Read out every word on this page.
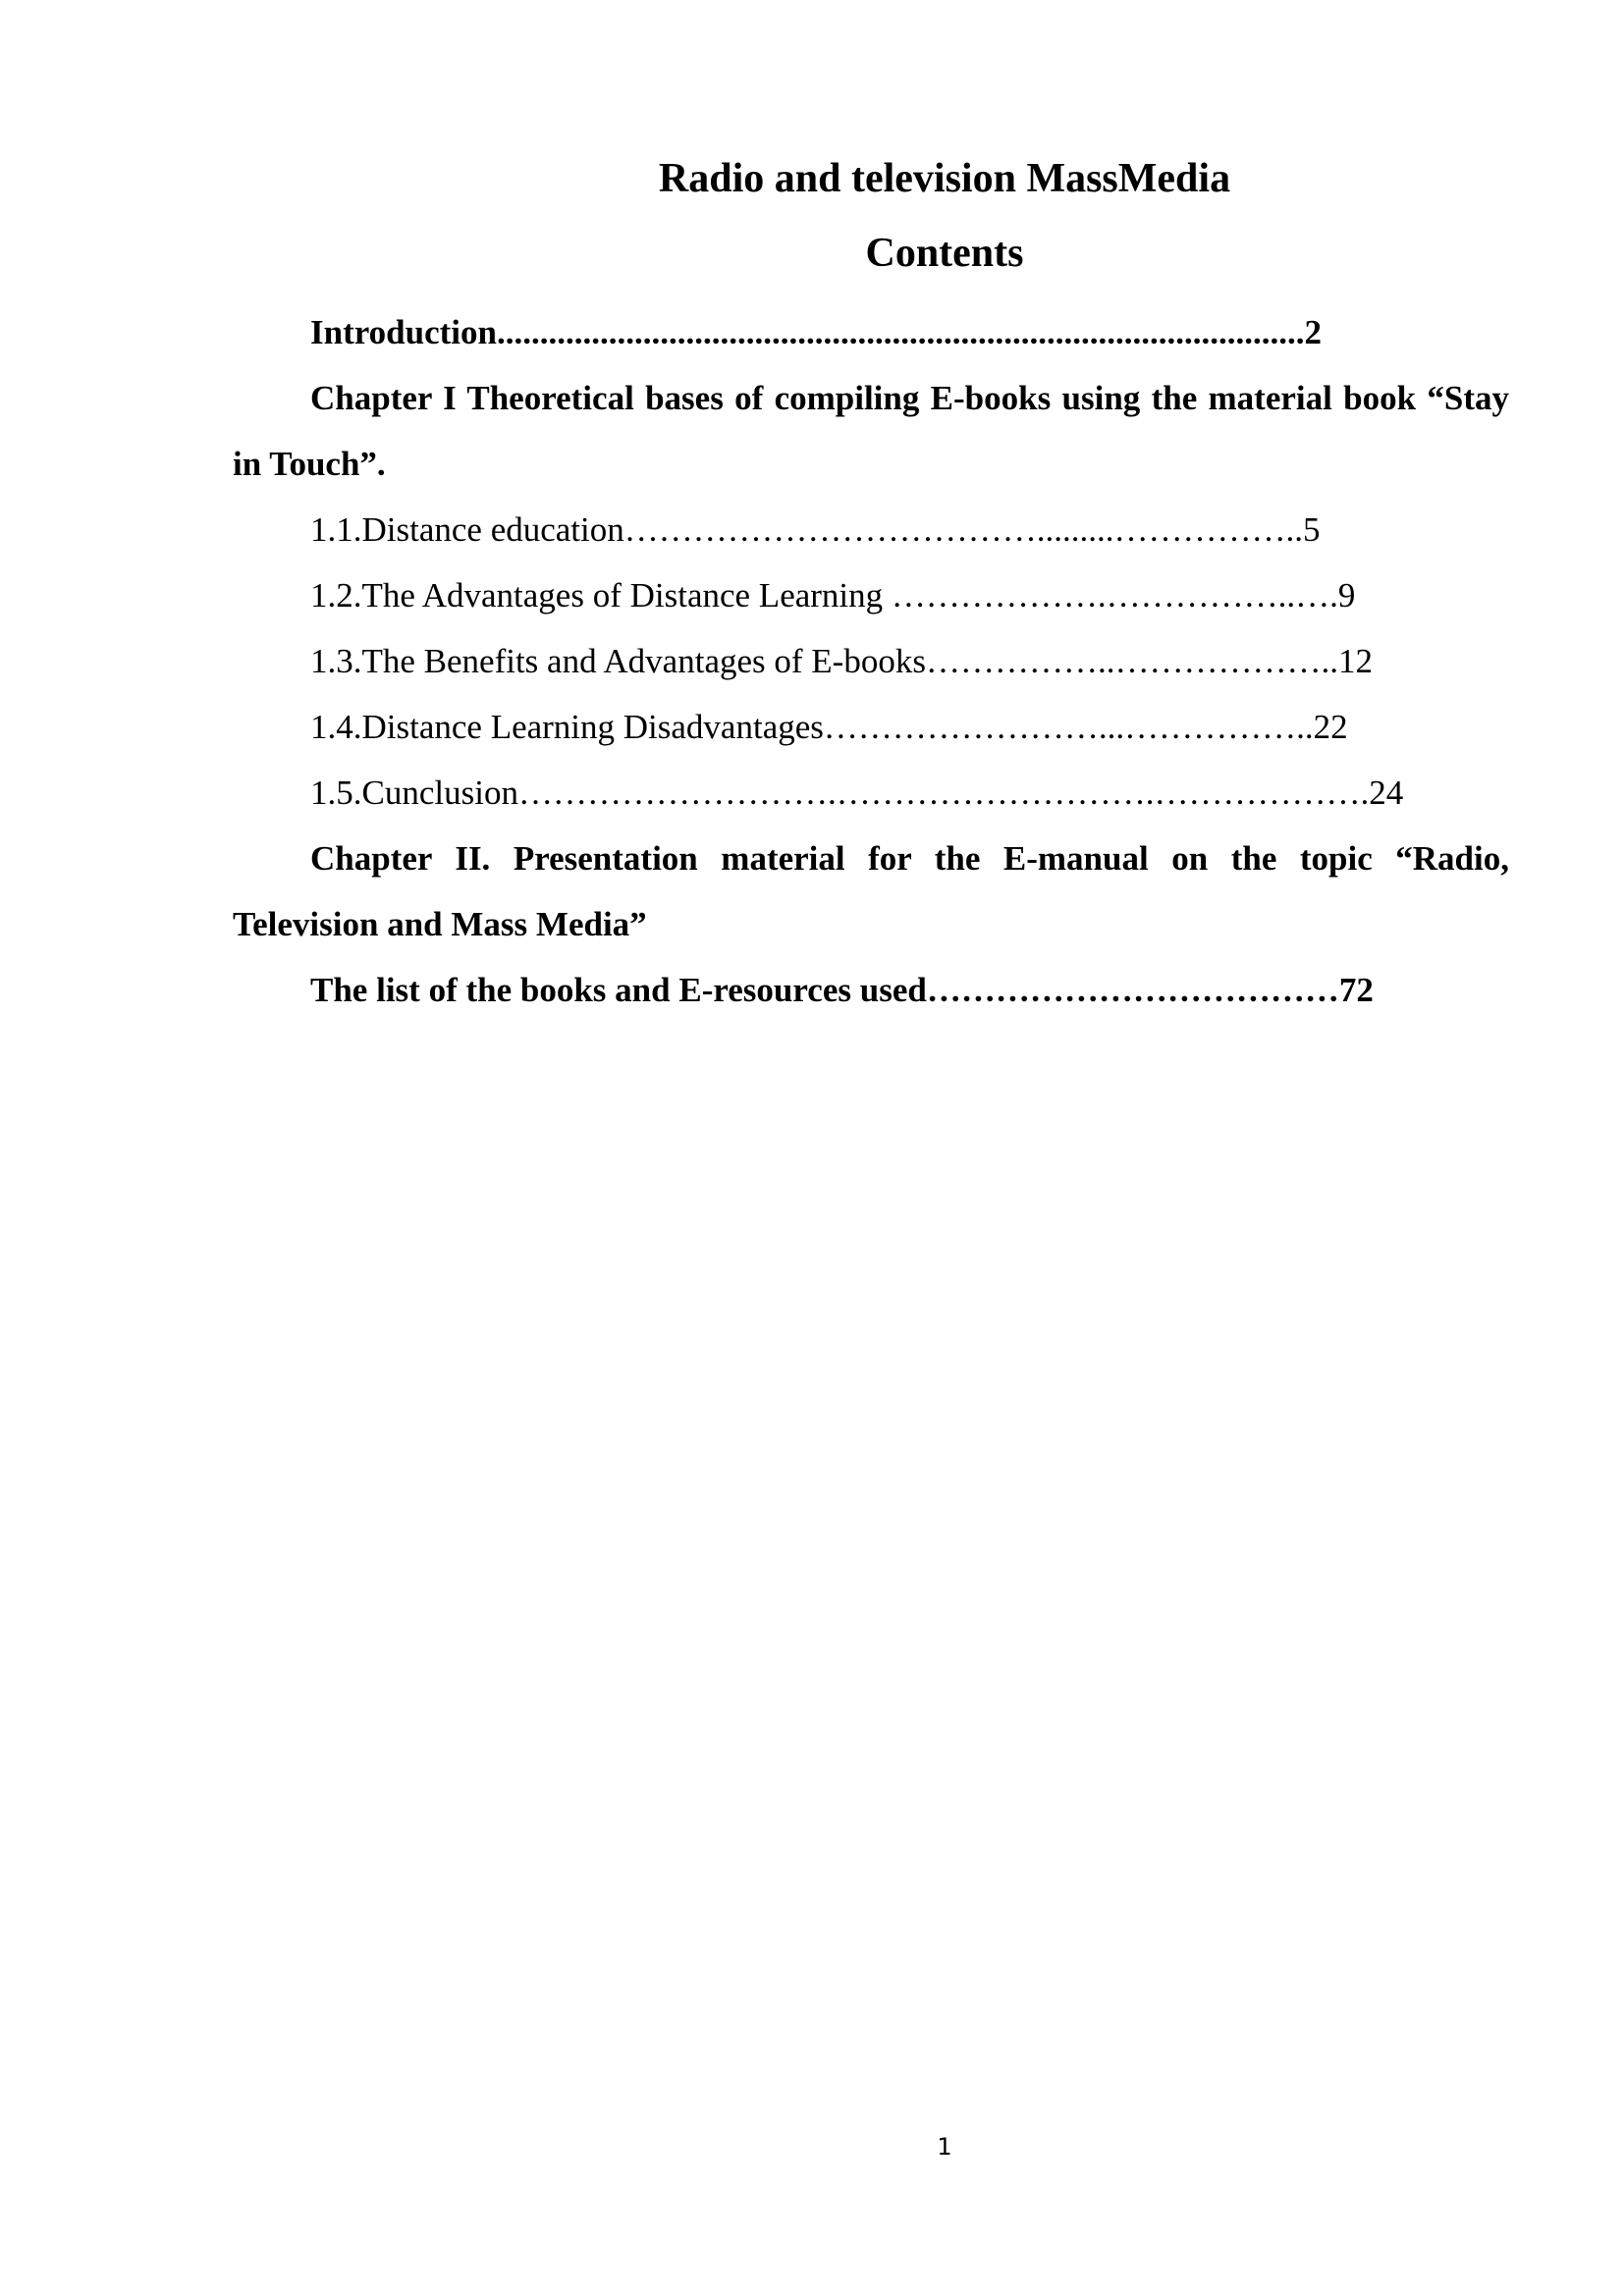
Radio and television MassMedia
Contents
Introduction..............................................................................................2
Chapter I Theoretical bases of compiling E-books using the material book “Stay in Touch”.
1.1.Distance education……………………………….........……………..5
1.2.The Advantages of Distance Learning ……………….……………..….9
1.3.The Benefits and Advantages of E-books……………..………………..12
1.4.Distance Learning Disadvantages……………………...……………..22
1.5.Cunclusion……………………….……………………….……………….24
Chapter II. Presentation material for the E-manual on the topic “Radio, Television and Mass Media”
The list of the books and E-resources used………………………………72
1
